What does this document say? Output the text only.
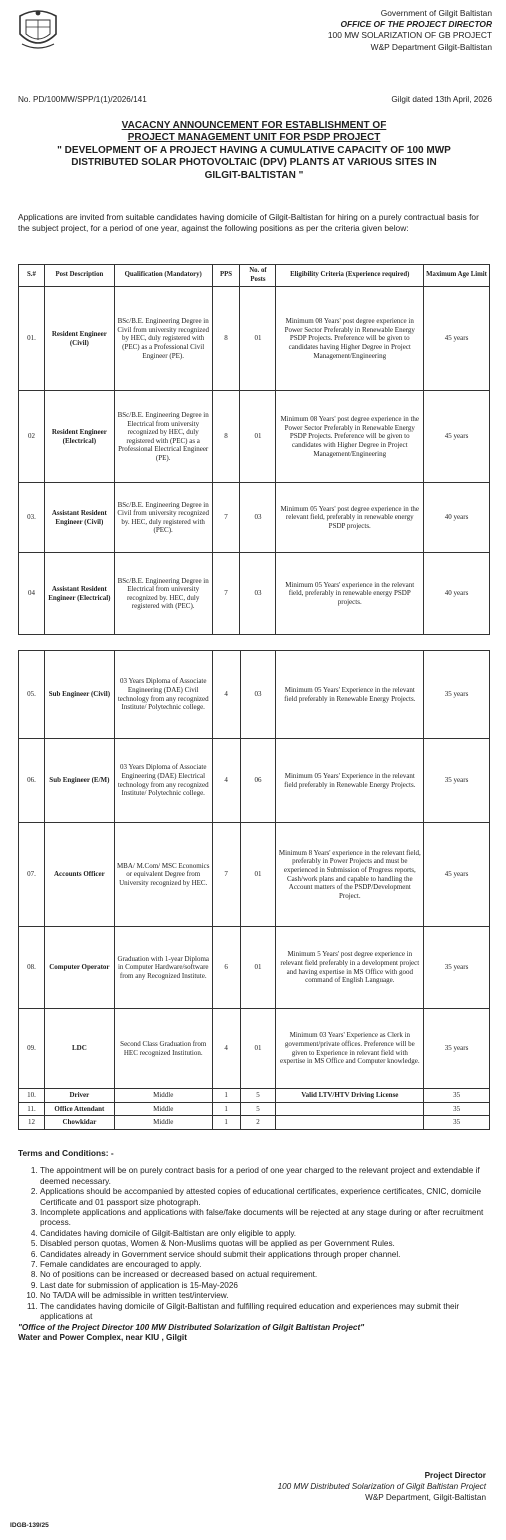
Government of Gilgit Baltistan
OFFICE OF THE PROJECT DIRECTOR
100 MW SOLARIZATION OF GB PROJECT
W&P Department Gilgit-Baltistan
No. PD/100MW/SPP/1(1)/2026/141	Gilgit dated 13th April, 2026
VACACNY ANNOUNCEMENT FOR ESTABLISHMENT OF
PROJECT MANAGEMENT UNIT FOR PSDP PROJECT
" DEVELOPMENT OF A PROJECT HAVING A CUMULATIVE CAPACITY OF 100 MWP
DISTRIBUTED SOLAR PHOTOVOLTAIC (DPV) PLANTS AT VARIOUS SITES IN
GILGIT-BALTISTAN "
Applications are invited from suitable candidates having domicile of Gilgit-Baltistan for hiring on a purely contractual basis for the subject project, for a period of one year, against the following positions as per the criteria given below:
S.#	Post Description	Qualification (Mandatory)	PPS	No. of Posts	Eligibility Criteria (Experience required)	Maximum Age Limit
01.	Resident Engineer (Civil)	BSc/B.E. Engineering Degree in Civil from university recognized by HEC, duly registered with (PEC) as a Professional Civil Engineer (PE).	8	01	Minimum 08 Years' post degree experience in Power Sector Preferably in Renewable Energy PSDP Projects. Preference will be given to candidates having Higher Degree in Project Management/Engineering	45 years
02	Resident Engineer (Electrical)	BSc/B.E. Engineering Degree in Electrical from university recognized by HEC, duly registered with (PEC) as a Professional Electrical Engineer (PE).	8	01	Minimum 08 Years' post degree experience in the Power Sector Preferably in Renewable Energy PSDP Projects. Preference will be given to candidates with Higher Degree in Project Management/Engineering	45 years
03.	Assistant Resident Engineer (Civil)	BSc/B.E. Engineering Degree in Civil from university recognized by. HEC, duly registered with (PEC).	7	03	Minimum 05 Years' post degree experience in the relevant field, preferably in renewable energy PSDP projects.	40 years
04	Assistant Resident Engineer (Electrical)	BSc/B.E. Engineering Degree in Electrical from university recognized by. HEC, duly registered with (PEC).	7	03	Minimum 05 Years' experience in the relevant field, preferably in renewable energy PSDP projects.	40 years
05.	Sub Engineer (Civil)	03 Years Diploma of Associate Engineering (DAE) Civil technology from any recognized Institute/ Polytechnic college.	4	03	Minimum 05 Years' Experience in the relevant field preferably in Renewable Energy Projects.	35 years
06.	Sub Engineer (E/M)	03 Years Diploma of Associate Engineering (DAE) Electrical technology from any recognized Institute/ Polytechnic college.	4	06	Minimum 05 Years' Experience in the relevant field preferably in Renewable Energy Projects.	35 years
07.	Accounts Officer	MBA/ M.Com/ MSC Economics or equivalent Degree from University recognized by HEC.	7	01	Minimum 8 Years' experience in the relevant field, preferably in Power Projects and must be experienced in Submission of Progress reports, Cash/work plans and capable to handling the Account matters of the PSDP/Development Project.	45 years
08.	Computer Operator	Graduation with 1-year Diploma in Computer Hardware/software from any Recognized Institute.	6	01	Minimum 5 Years' post degree experience in relevant field preferably in a development project and having expertise in MS Office with good command of English Language.	35 years
09.	LDC	Second Class Graduation from HEC recognized Institution.	4	01	Minimum 03 Years' Experience as Clerk in government/private offices. Preference will be given to Experience in relevant field with expertise in MS Office and Computer knowledge.	35 years
10.	Driver	Middle	1	5	Valid LTV/HTV Driving License	35
11.	Office Attendant	Middle	1	5		35
12	Chowkidar	Middle	1	2		35
Terms and Conditions: -
1. The appointment will be on purely contract basis for a period of one year charged to the relevant project and extendable if deemed necessary.
2. Applications should be accompanied by attested copies of educational certificates, experience certificates, CNIC, domicile Certificate and 01 passport size photograph.
3. Incomplete applications and applications with false/fake documents will be rejected at any stage during or after recruitment process.
4. Candidates having domicile of Gilgit-Baltistan are only eligible to apply.
5. Disabled person quotas, Women & Non-Muslims quotas will be applied as per Government Rules.
6. Candidates already in Government service should submit their applications through proper channel.
7. Female candidates are encouraged to apply.
8. No of positions can be increased or decreased based on actual requirement.
9. Last date for submission of application is 15-May-2026
10. No TA/DA will be admissible in written test/interview.
11. The candidates having domicile of Gilgit-Baltistan and fulfilling required education and experiences may submit their applications at
"Office of the Project Director 100 MW Distributed Solarization of Gilgit Baltistan Project"
Water and Power Complex, near KIU , Gilgit
Project Director
100 MW Distributed Solarization of Gilgit Baltistan Project
W&P Department, Gilgit-Baltistan
IDGB-139/25
